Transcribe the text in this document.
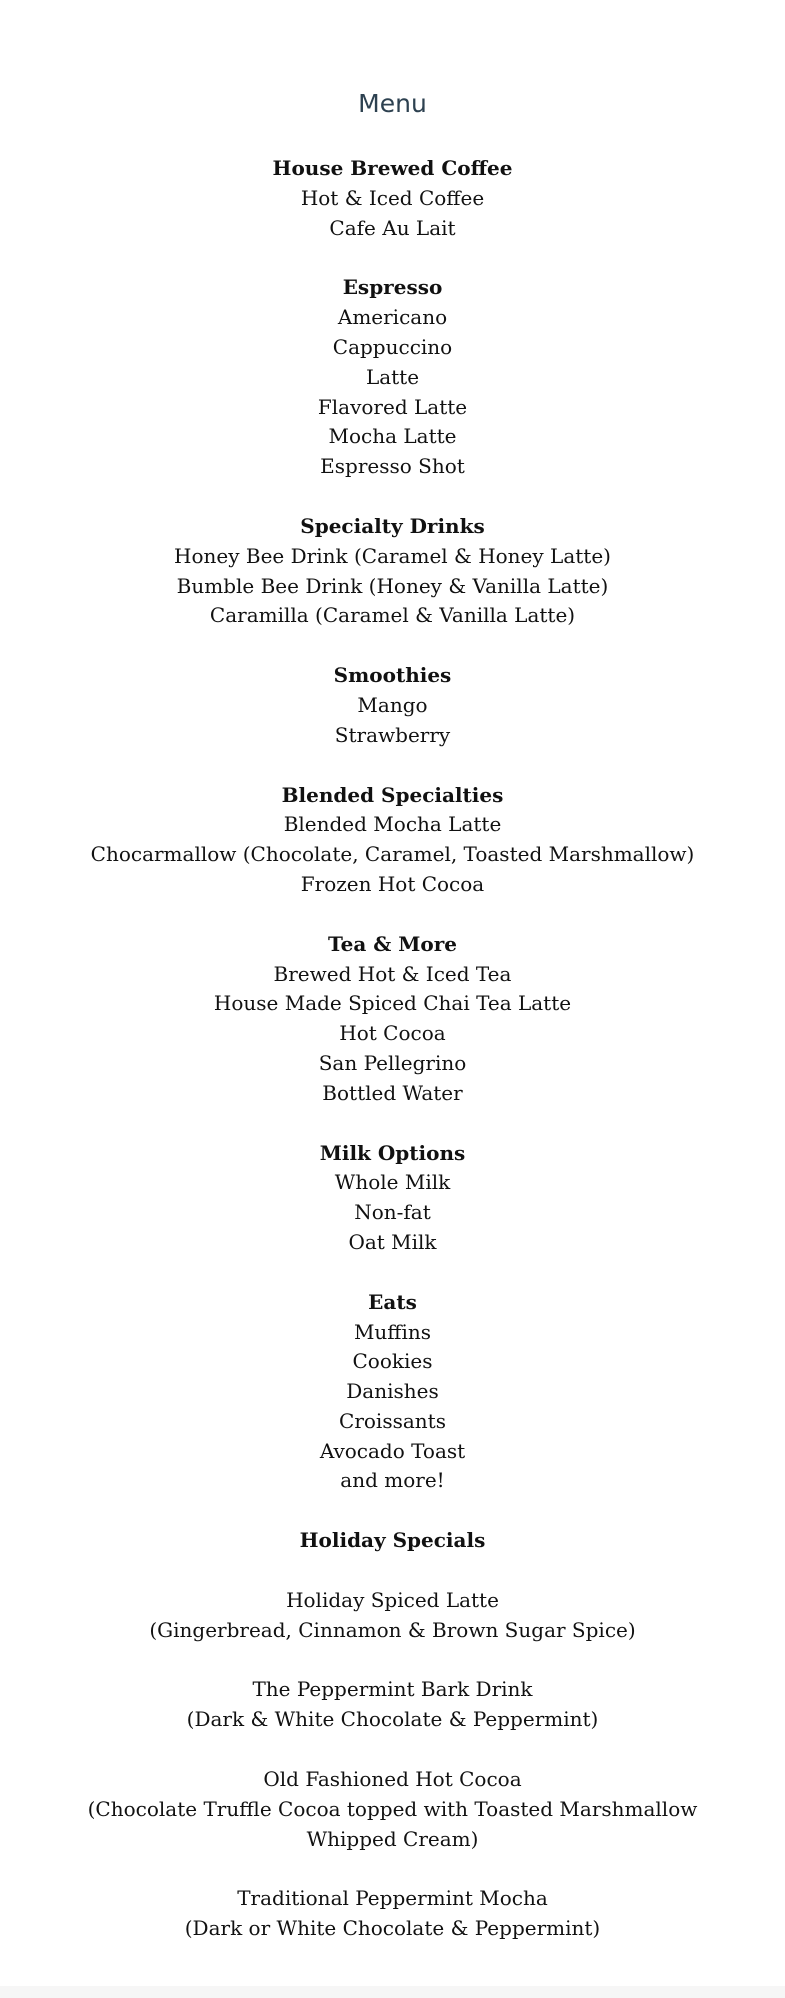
Menu
House Brewed Coffee
Hot & Iced Coffee
Cafe Au Lait
Espresso
Americano
Cappuccino
Latte
Flavored Latte
Mocha Latte
Espresso Shot
Specialty Drinks
Honey Bee Drink (Caramel & Honey Latte)
Bumble Bee Drink (Honey & Vanilla Latte)
Caramilla (Caramel & Vanilla Latte)
Smoothies
Mango
Strawberry
Blended Specialties
Blended Mocha Latte
Chocarmallow (Chocolate, Caramel, Toasted Marshmallow)
Frozen Hot Cocoa
Tea & More
Brewed Hot & Iced Tea
House Made Spiced Chai Tea Latte
Hot Cocoa
San Pellegrino
Bottled Water
Milk Options
Whole Milk
Non-fat
Oat Milk
Eats
Muffins
Cookies
Danishes
Croissants
Avocado Toast
and more!
Holiday Specials
Holiday Spiced Latte
(Gingerbread, Cinnamon & Brown Sugar Spice)
The Peppermint Bark Drink
(Dark & White Chocolate & Peppermint)
Old Fashioned Hot Cocoa
(Chocolate Truffle Cocoa topped with Toasted Marshmallow Whipped Cream)
Traditional Peppermint Mocha
(Dark or White Chocolate & Peppermint)
